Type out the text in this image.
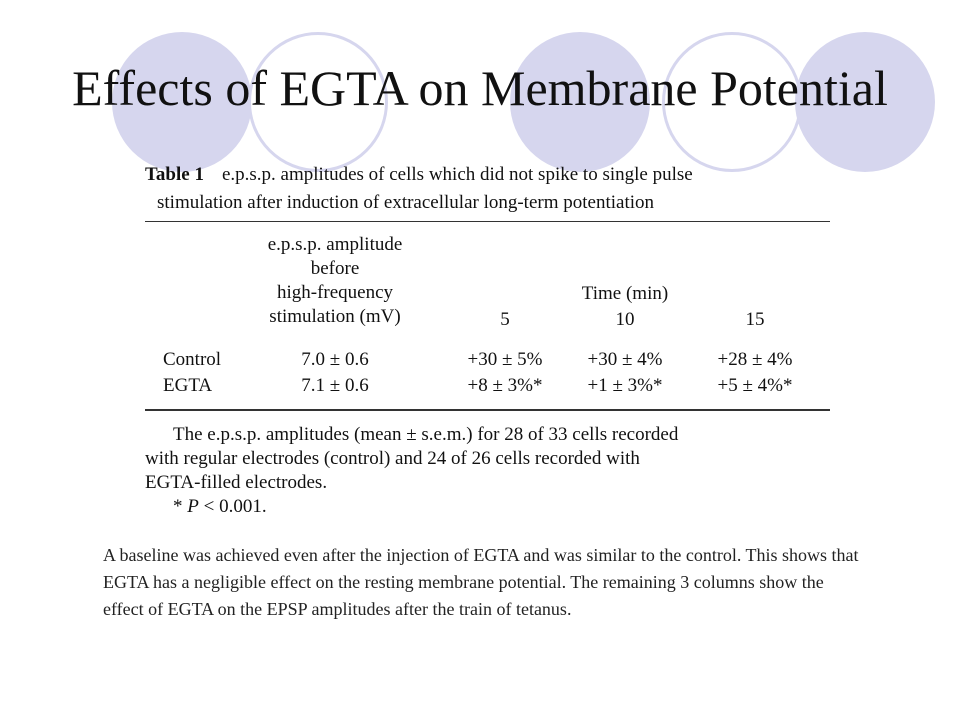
Effects of EGTA on Membrane Potential
Table 1 e.p.s.p. amplitudes of cells which did not spike to single pulse
stimulation after induction of extracellular long-term potentiation
e.p.s.p. amplitude
before
high-frequency
stimulation (mV)
Time (min)
5	10	15
Control	7.0 ± 0.6	+30 ± 5%	+30 ± 4%	+28 ± 4%
EGTA	7.1 ± 0.6	+8 ± 3%*	+1 ± 3%*	+5 ± 4%*
The e.p.s.p. amplitudes (mean ± s.e.m.) for 28 of 33 cells recorded
with regular electrodes (control) and 24 of 26 cells recorded with
EGTA-filled electrodes.
* P < 0.001.
A baseline was achieved even after the injection of EGTA and was similar to the control. This shows that EGTA has a negligible effect on the resting membrane potential. The remaining 3 columns show the effect of EGTA on the EPSP amplitudes after the train of tetanus.
